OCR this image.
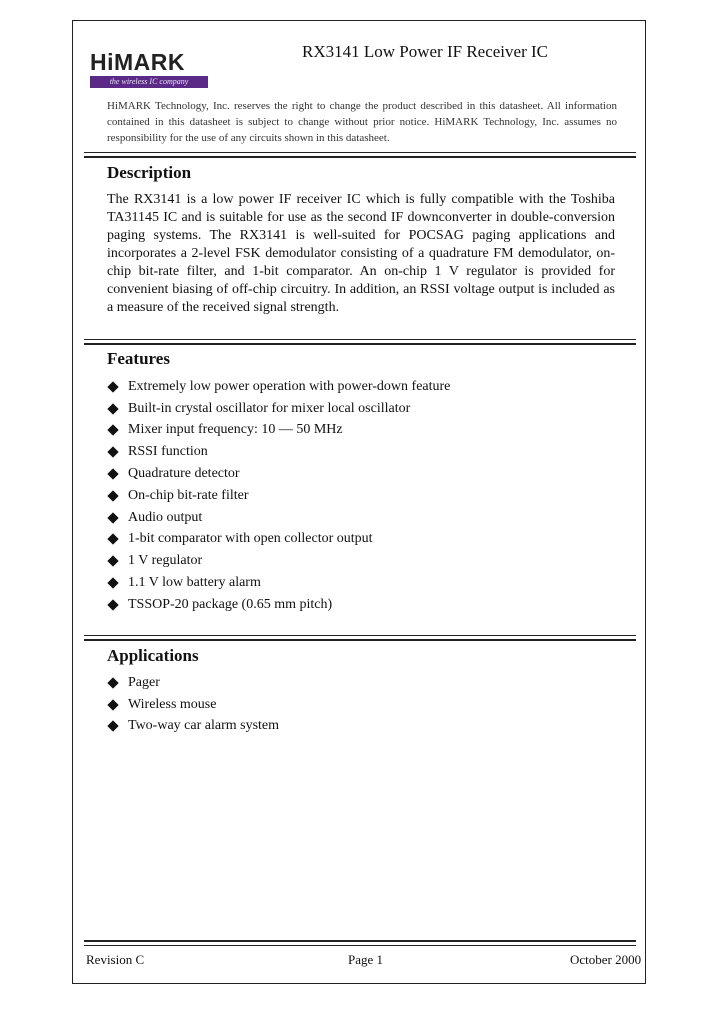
HiMARK
the wireless IC company
RX3141 Low Power IF Receiver IC
HiMARK Technology, Inc. reserves the right to change the product described in this datasheet. All information contained in this datasheet is subject to change without prior notice. HiMARK Technology, Inc. assumes no responsibility for the use of any circuits shown in this datasheet.
Description
The RX3141 is a low power IF receiver IC which is fully compatible with the Toshiba TA31145 IC and is suitable for use as the second IF downconverter in double-conversion paging systems. The RX3141 is well-suited for POCSAG paging applications and incorporates a 2-level FSK demodulator consisting of a quadrature FM demodulator, on-chip bit-rate filter, and 1-bit comparator. An on-chip 1 V regulator is provided for convenient biasing of off-chip circuitry. In addition, an RSSI voltage output is included as a measure of the received signal strength.
Features
Extremely low power operation with power-down feature
Built-in crystal oscillator for mixer local oscillator
Mixer input frequency: 10 — 50 MHz
RSSI function
Quadrature detector
On-chip bit-rate filter
Audio output
1-bit comparator with open collector output
1 V regulator
1.1 V low battery alarm
TSSOP-20 package (0.65 mm pitch)
Applications
Pager
Wireless mouse
Two-way car alarm system
Revision C	Page 1	October 2000
